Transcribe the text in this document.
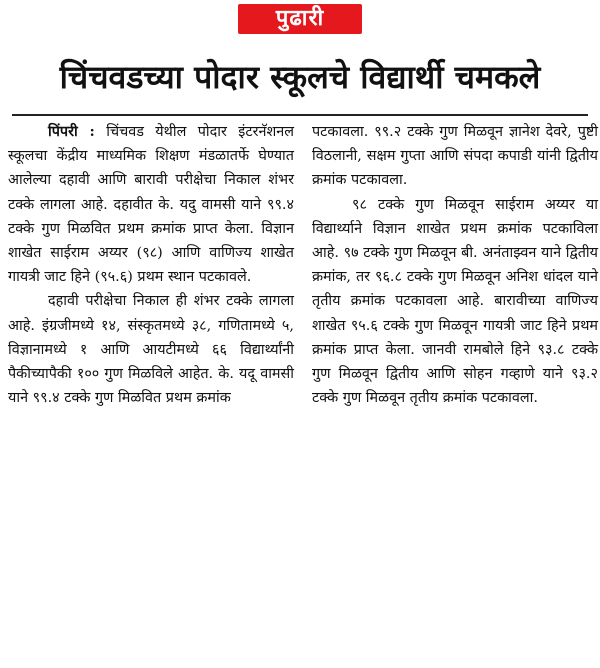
पुढारी
चिंचवडच्या पोदार स्कूलचे विद्यार्थी चमकले

पिंपरी : चिंचवड येथील पोदार इंटरनॅशनल स्कूलचा केंद्रीय माध्यमिक शिक्षण मंडळातर्फे घेण्यात आलेल्या दहावी आणि बारावी परीक्षेचा निकाल शंभर टक्के लागला आहे. दहावीत के. यदु वामसी याने ९९.४ टक्के गुण मिळवित प्रथम क्रमांक प्राप्त केला. विज्ञान शाखेत साईराम अय्यर (९८) आणि वाणिज्य शाखेत गायत्री जाट हिने (९५.६) प्रथम स्थान पटकावले.

दहावी परीक्षेचा निकाल ही शंभर टक्के लागला आहे. इंग्रजीमध्ये १४, संस्कृतमध्ये ३८, गणितामध्ये ५, विज्ञानामध्ये १ आणि आयटीमध्ये ६६ विद्यार्थ्यांनी पैकीच्यापैकी १०० गुण मिळविले आहेत. के. यदू वामसी याने ९९.४ टक्के गुण मिळवित प्रथम क्रमांक

पटकावला. ९९.२ टक्के गुण मिळवून ज्ञानेश देवरे, पुष्टी विठलानी, सक्षम गुप्ता आणि संपदा कपाडी यांनी द्वितीय क्रमांक पटकावला.

९८ टक्के गुण मिळवून साईराम अय्यर या विद्यार्थ्याने विज्ञान शाखेत प्रथम क्रमांक पटकाविला आहे. ९७ टक्के गुण मिळवून बी. अनंताझ्वन याने द्वितीय क्रमांक, तर ९६.८ टक्के गुण मिळवून अनिश धांदल याने तृतीय क्रमांक पटकावला आहे. बारावीच्या वाणिज्य शाखेत ९५.६ टक्के गुण मिळवून गायत्री जाट हिने प्रथम क्रमांक प्राप्त केला. जानवी रामबोले हिने ९३.८ टक्के गुण मिळवून द्वितीय आणि सोहन गव्हाणे याने ९३.२ टक्के गुण मिळवून तृतीय क्रमांक पटकावला.
